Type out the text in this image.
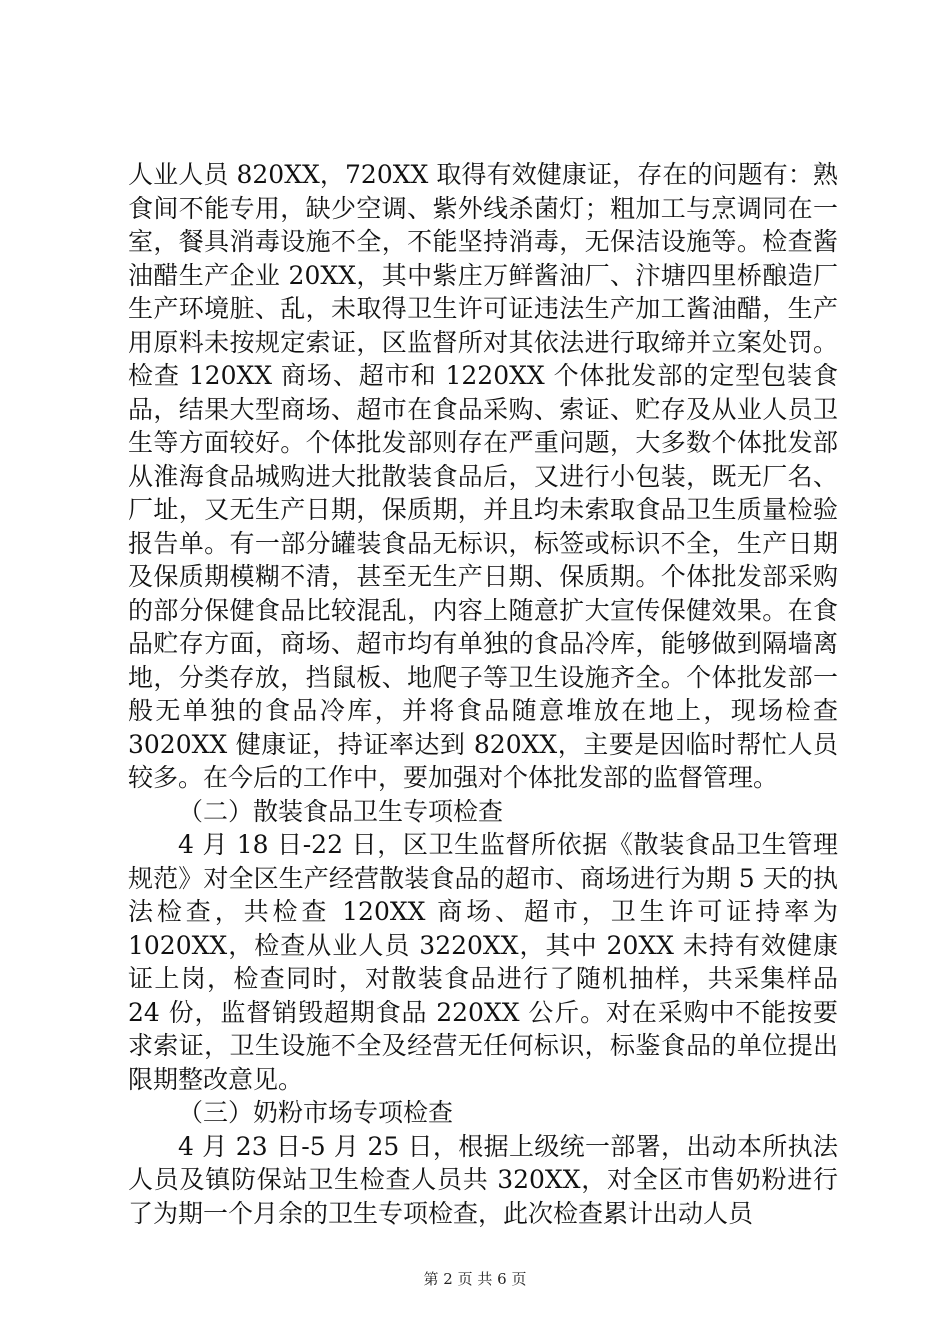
人业人员 820XX，720XX 取得有效健康证，存在的问题有：熟食间不能专用，缺少空调、紫外线杀菌灯；粗加工与烹调同在一室，餐具消毒设施不全，不能坚持消毒，无保洁设施等。检查酱油醋生产企业 20XX，其中紫庄万鲜酱油厂、汴塘四里桥酿造厂生产环境脏、乱，未取得卫生许可证违法生产加工酱油醋，生产用原料未按规定索证，区监督所对其依法进行取缔并立案处罚。检查 120XX 商场、超市和 1220XX 个体批发部的定型包装食品，结果大型商场、超市在食品采购、索证、贮存及从业人员卫生等方面较好。个体批发部则存在严重问题，大多数个体批发部从淮海食品城购进大批散装食品后，又进行小包装，既无厂名、厂址，又无生产日期，保质期，并且均未索取食品卫生质量检验报告单。有一部分罐装食品无标识，标签或标识不全，生产日期及保质期模糊不清，甚至无生产日期、保质期。个体批发部采购的部分保健食品比较混乱，内容上随意扩大宣传保健效果。在食品贮存方面，商场、超市均有单独的食品冷库，能够做到隔墙离地，分类存放，挡鼠板、地爬子等卫生设施齐全。个体批发部一般无单独的食品冷库，并将食品随意堆放在地上，现场检查 3020XX 健康证，持证率达到 820XX，主要是因临时帮忙人员较多。在今后的工作中，要加强对个体批发部的监督管理。

（二）散装食品卫生专项检查

4 月 18 日-22 日，区卫生监督所依据《散装食品卫生管理规范》对全区生产经营散装食品的超市、商场进行为期 5 天的执法检查，共检查 120XX 商场、超市，卫生许可证持率为 1020XX，检查从业人员 3220XX，其中 20XX 未持有效健康证上岗，检查同时，对散装食品进行了随机抽样，共采集样品 24 份，监督销毁超期食品 220XX 公斤。对在采购中不能按要求索证，卫生设施不全及经营无任何标识，标鉴食品的单位提出限期整改意见。

（三）奶粉市场专项检查

4 月 23 日-5 月 25 日，根据上级统一部署，出动本所执法人员及镇防保站卫生检查人员共 320XX，对全区市售奶粉进行了为期一个月余的卫生专项检查，此次检查累计出动人员

第 2 页 共 6 页
